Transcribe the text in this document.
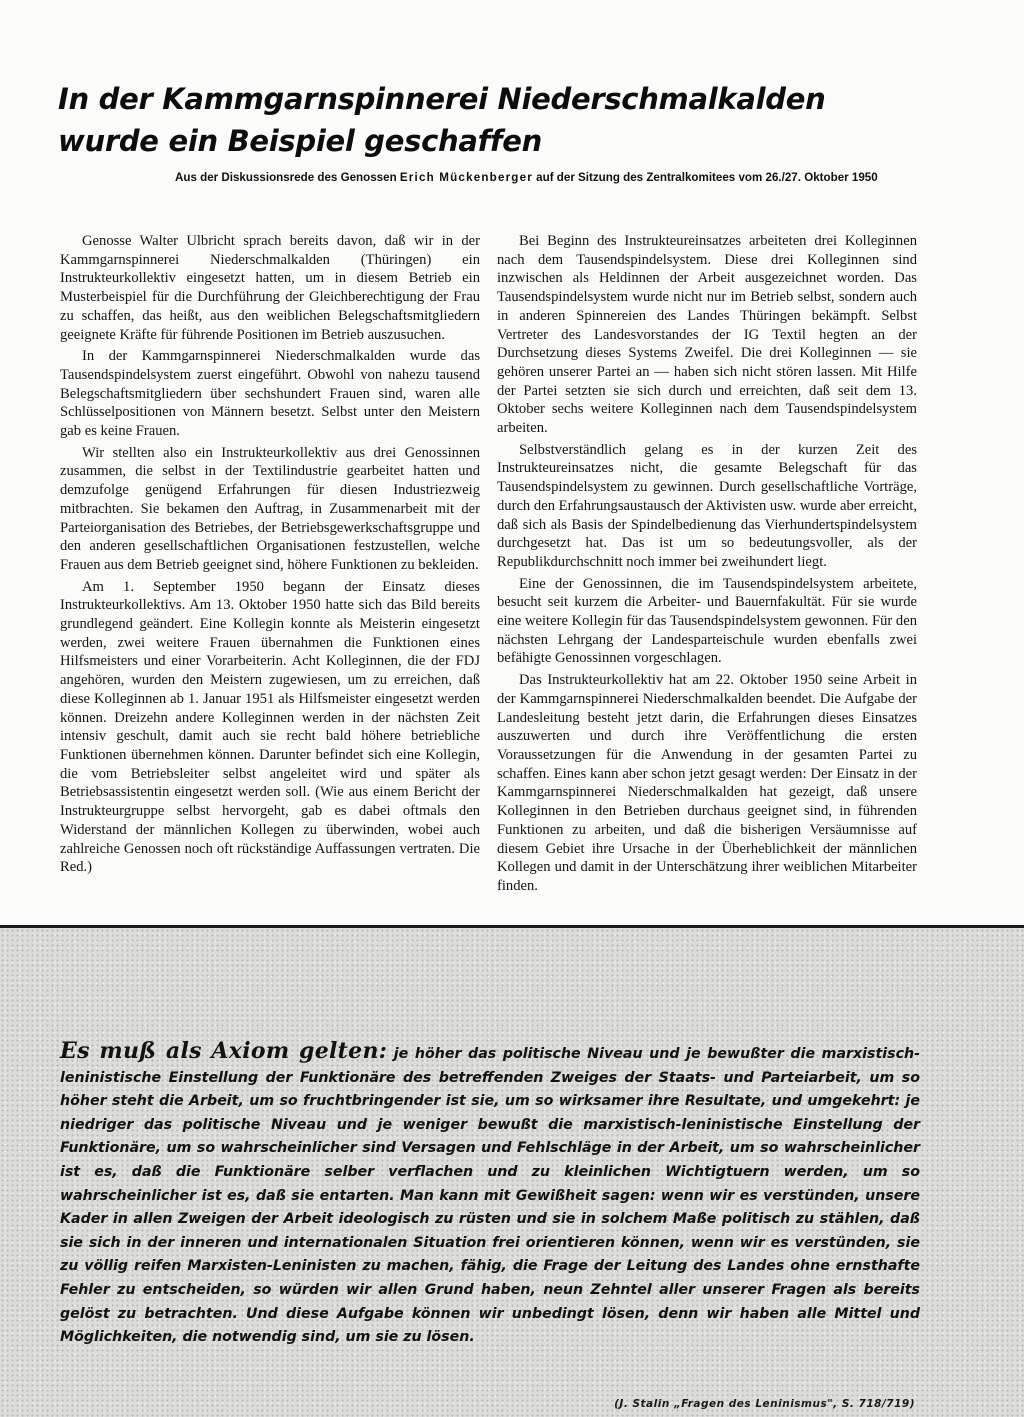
In der Kammgarnspinnerei Niederschmalkalden
wurde ein Beispiel geschaffen
Aus der Diskussionsrede des Genossen Erich Mückenberger auf der Sitzung des Zentralkomitees vom 26./27. Oktober 1950

Genosse Walter Ulbricht sprach bereits davon, daß wir in der Kammgarnspinnerei Niederschmalkalden (Thüringen) ein Instrukteurkollektiv eingesetzt hatten, um in diesem Betrieb ein Musterbeispiel für die Durchführung der Gleichberechtigung der Frau zu schaffen, das heißt, aus den weiblichen Belegschaftsmitgliedern geeignete Kräfte für führende Positionen im Betrieb auszusuchen.

In der Kammgarnspinnerei Niederschmalkalden wurde das Tausendspindelsystem zuerst eingeführt. Obwohl von nahezu tausend Belegschaftsmitgliedern über sechshundert Frauen sind, waren alle Schlüsselpositionen von Männern besetzt. Selbst unter den Meistern gab es keine Frauen.

Wir stellten also ein Instrukteurkollektiv aus drei Genossinnen zusammen, die selbst in der Textilindustrie gearbeitet hatten und demzufolge genügend Erfahrungen für diesen Industriezweig mitbrachten. Sie bekamen den Auftrag, in Zusammenarbeit mit der Parteiorganisation des Betriebes, der Betriebsgewerkschaftsgruppe und den anderen gesellschaftlichen Organisationen festzustellen, welche Frauen aus dem Betrieb geeignet sind, höhere Funktionen zu bekleiden.

Am 1. September 1950 begann der Einsatz dieses Instrukteurkollektivs. Am 13. Oktober 1950 hatte sich das Bild bereits grundlegend geändert. Eine Kollegin konnte als Meisterin eingesetzt werden, zwei weitere Frauen übernahmen die Funktionen eines Hilfsmeisters und einer Vorarbeiterin. Acht Kolleginnen, die der FDJ angehören, wurden den Meistern zugewiesen, um zu erreichen, daß diese Kolleginnen ab 1. Januar 1951 als Hilfsmeister eingesetzt werden können. Dreizehn andere Kolleginnen werden in der nächsten Zeit intensiv geschult, damit auch sie recht bald höhere betriebliche Funktionen übernehmen können. Darunter befindet sich eine Kollegin, die vom Betriebsleiter selbst angeleitet wird und später als Betriebsassistentin eingesetzt werden soll. (Wie aus einem Bericht der Instrukteurgruppe selbst hervorgeht, gab es dabei oftmals den Widerstand der männlichen Kollegen zu überwinden, wobei auch zahlreiche Genossen noch oft rückständige Auffassungen vertraten. Die Red.)

Bei Beginn des Instrukteureinsatzes arbeiteten drei Kolleginnen nach dem Tausendspindelsystem. Diese drei Kolleginnen sind inzwischen als Heldinnen der Arbeit ausgezeichnet worden. Das Tausendspindelsystem wurde nicht nur im Betrieb selbst, sondern auch in anderen Spinnereien des Landes Thüringen bekämpft. Selbst Vertreter des Landesvorstandes der IG Textil hegten an der Durchsetzung dieses Systems Zweifel. Die drei Kolleginnen — sie gehören unserer Partei an — haben sich nicht stören lassen. Mit Hilfe der Partei setzten sie sich durch und erreichten, daß seit dem 13. Oktober sechs weitere Kolleginnen nach dem Tausendspindelsystem arbeiten.

Selbstverständlich gelang es in der kurzen Zeit des Instrukteureinsatzes nicht, die gesamte Belegschaft für das Tausendspindelsystem zu gewinnen. Durch gesellschaftliche Vorträge, durch den Erfahrungsaustausch der Aktivisten usw. wurde aber erreicht, daß sich als Basis der Spindelbedienung das Vierhundertspindelsystem durchgesetzt hat. Das ist um so bedeutungsvoller, als der Republikdurchschnitt noch immer bei zweihundert liegt.

Eine der Genossinnen, die im Tausendspindelsystem arbeitete, besucht seit kurzem die Arbeiter- und Bauernfakultät. Für sie wurde eine weitere Kollegin für das Tausendspindelsystem gewonnen. Für den nächsten Lehrgang der Landesparteischule wurden ebenfalls zwei befähigte Genossinnen vorgeschlagen.

Das Instrukteurkollektiv hat am 22. Oktober 1950 seine Arbeit in der Kammgarnspinnerei Niederschmalkalden beendet. Die Aufgabe der Landesleitung besteht jetzt darin, die Erfahrungen dieses Einsatzes auszuwerten und durch ihre Veröffentlichung die ersten Voraussetzungen für die Anwendung in der gesamten Partei zu schaffen. Eines kann aber schon jetzt gesagt werden: Der Einsatz in der Kammgarnspinnerei Niederschmalkalden hat gezeigt, daß unsere Kolleginnen in den Betrieben durchaus geeignet sind, in führenden Funktionen zu arbeiten, und daß die bisherigen Versäumnisse auf diesem Gebiet ihre Ursache in der Überheblichkeit der männlichen Kollegen und damit in der Unterschätzung ihrer weiblichen Mitarbeiter finden.

Es muß als Axiom gelten: je höher das politische Niveau und je bewußter die marxistisch-leninistische Einstellung der Funktionäre des betreffenden Zweiges der Staats- und Parteiarbeit, um so höher steht die Arbeit, um so fruchtbringender ist sie, um so wirksamer ihre Resultate, und umgekehrt: je niedriger das politische Niveau und je weniger bewußt die marxistisch-leninistische Einstellung der Funktionäre, um so wahrscheinlicher sind Versagen und Fehlschläge in der Arbeit, um so wahrscheinlicher ist es, daß die Funktionäre selber verflachen und zu kleinlichen Wichtigtuern werden, um so wahrscheinlicher ist es, daß sie entarten. Man kann mit Gewißheit sagen: wenn wir es verstünden, unsere Kader in allen Zweigen der Arbeit ideologisch zu rüsten und sie in solchem Maße politisch zu stählen, daß sie sich in der inneren und internationalen Situation frei orientieren können, wenn wir es verstünden, sie zu völlig reifen Marxisten-Leninisten zu machen, fähig, die Frage der Leitung des Landes ohne ernsthafte Fehler zu entscheiden, so würden wir allen Grund haben, neun Zehntel aller unserer Fragen als bereits gelöst zu betrachten. Und diese Aufgabe können wir unbedingt lösen, denn wir haben alle Mittel und Möglichkeiten, die notwendig sind, um sie zu lösen.

(J. Stalin „Fragen des Leninismus", S. 718/719)
